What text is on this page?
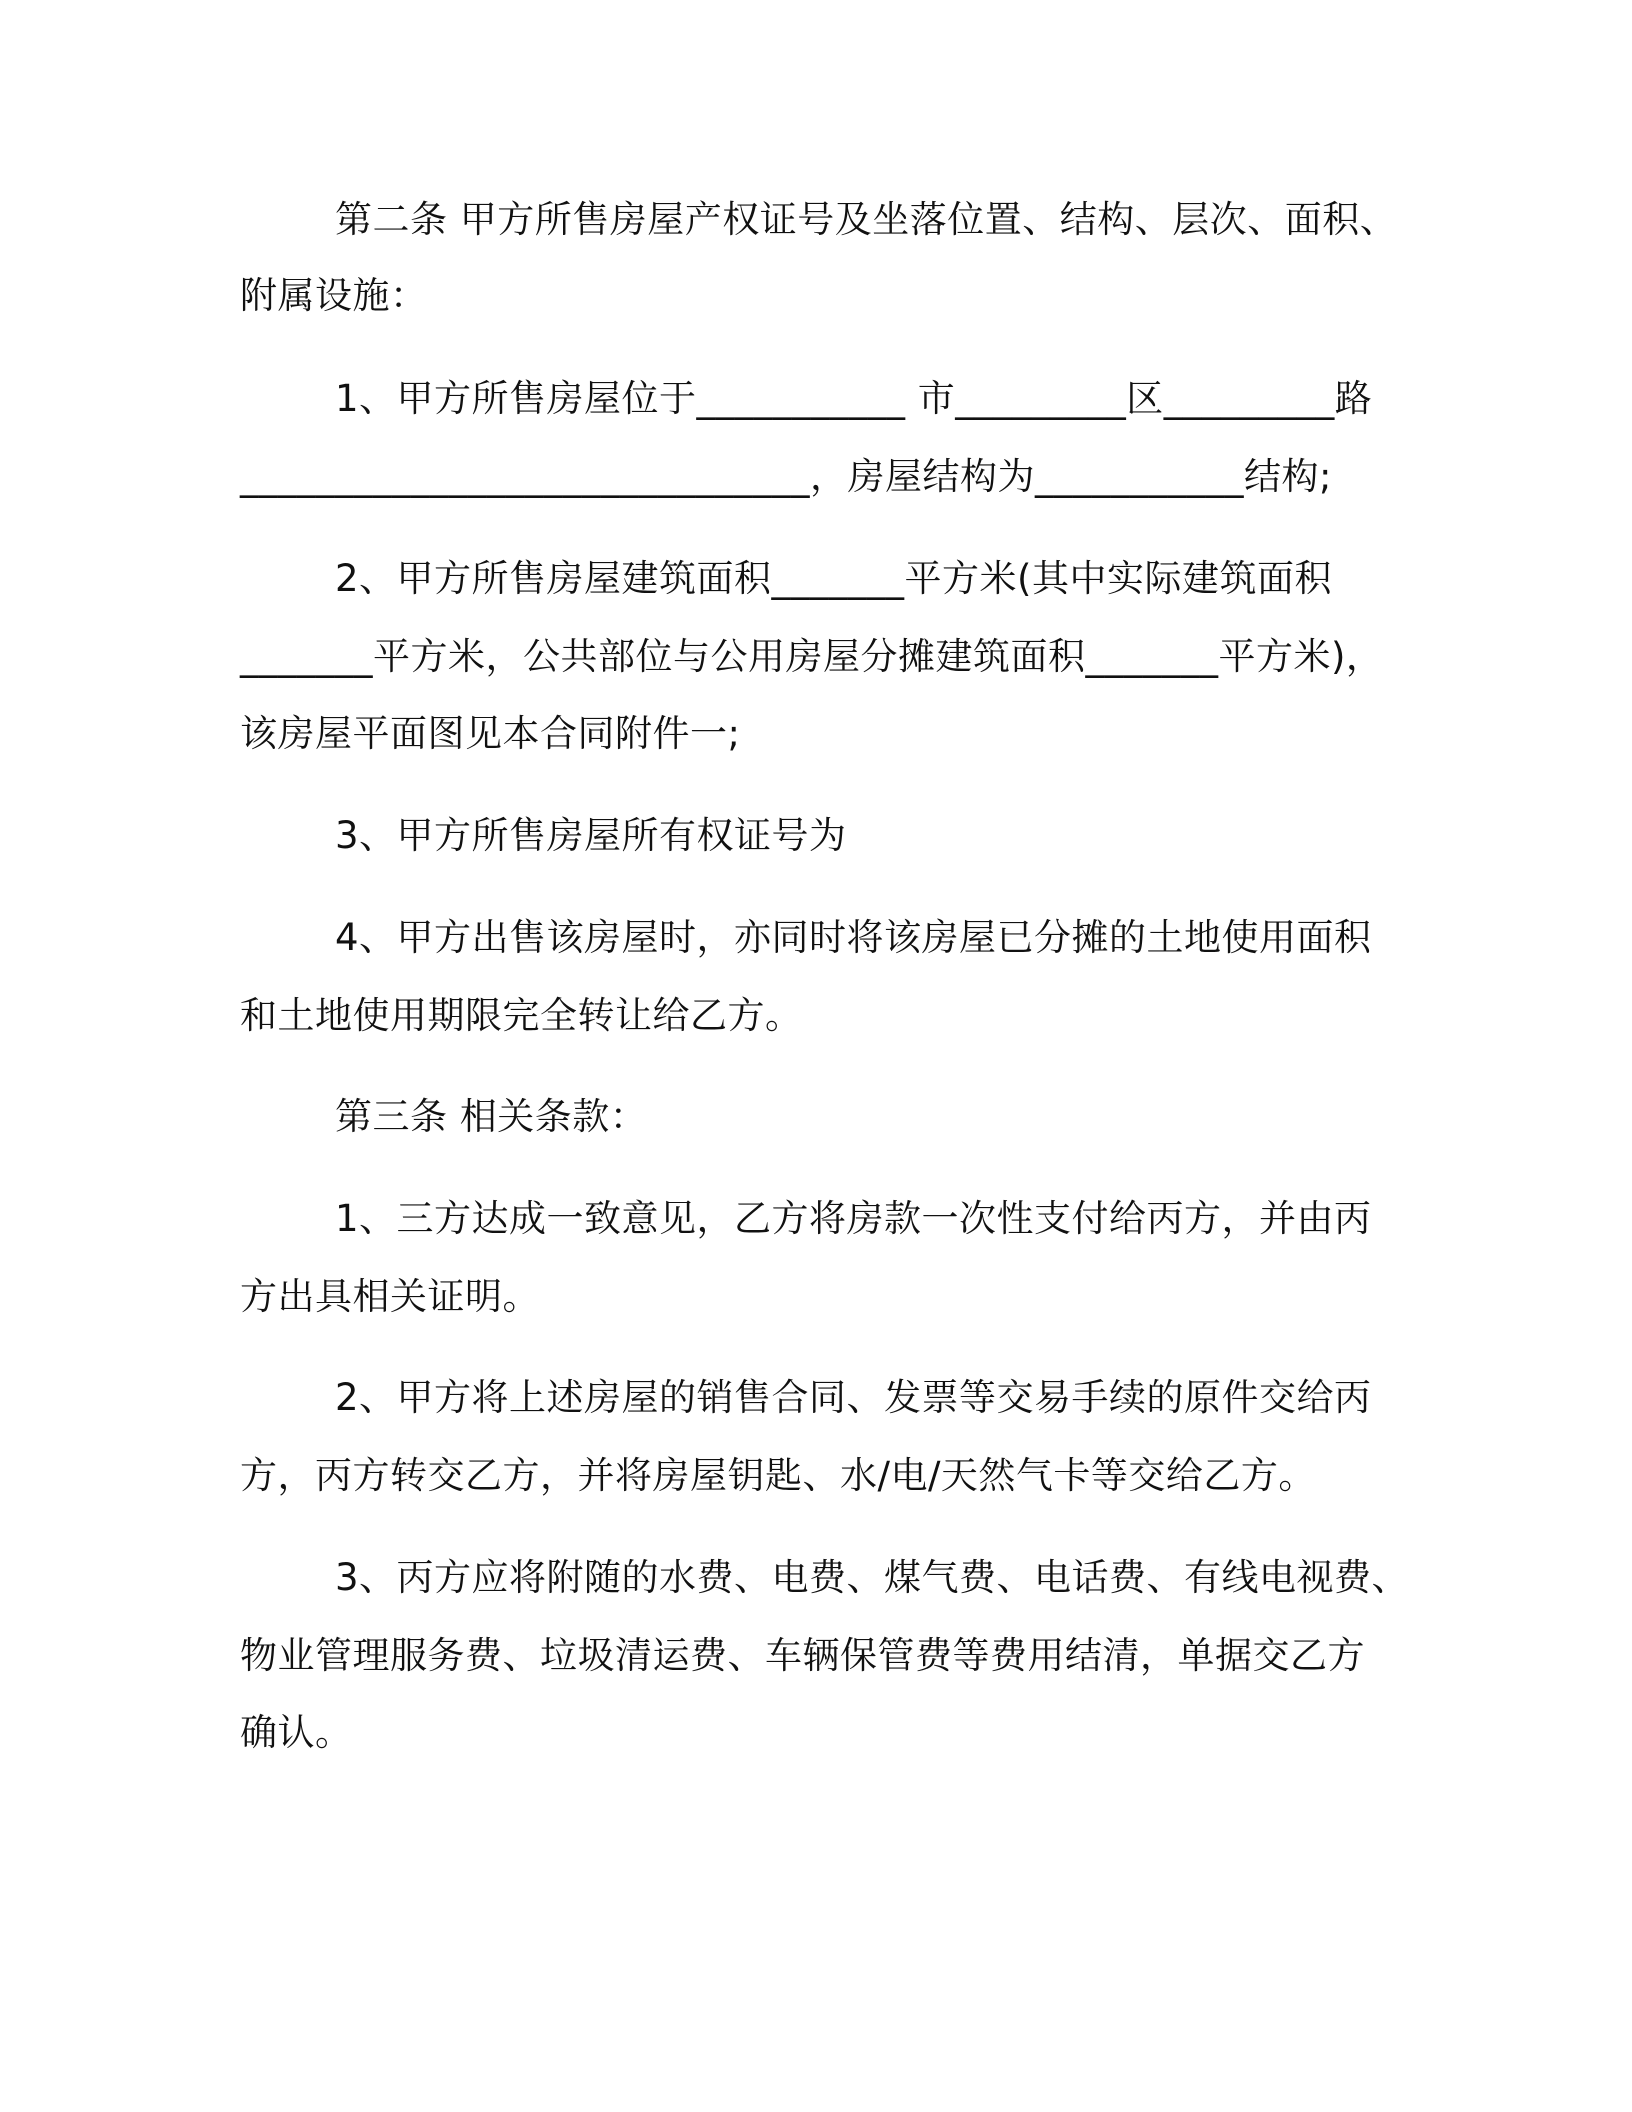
第二条 甲方所售房屋产权证号及坐落位置、结构、层次、面积、
附属设施：
1、甲方所售房屋位于___________ 市_________区_________路
______________________________，房屋结构为___________结构;
2、甲方所售房屋建筑面积_______平方米(其中实际建筑面积
_______平方米，公共部位与公用房屋分摊建筑面积_______平方米)，
该房屋平面图见本合同附件一;
3、甲方所售房屋所有权证号为
4、甲方出售该房屋时，亦同时将该房屋已分摊的土地使用面积
和土地使用期限完全转让给乙方。
第三条 相关条款：
1、三方达成一致意见，乙方将房款一次性支付给丙方，并由丙
方出具相关证明。
2、甲方将上述房屋的销售合同、发票等交易手续的原件交给丙
方，丙方转交乙方，并将房屋钥匙、水/电/天然气卡等交给乙方。
3、丙方应将附随的水费、电费、煤气费、电话费、有线电视费、
物业管理服务费、垃圾清运费、车辆保管费等费用结清，单据交乙方
确认。
